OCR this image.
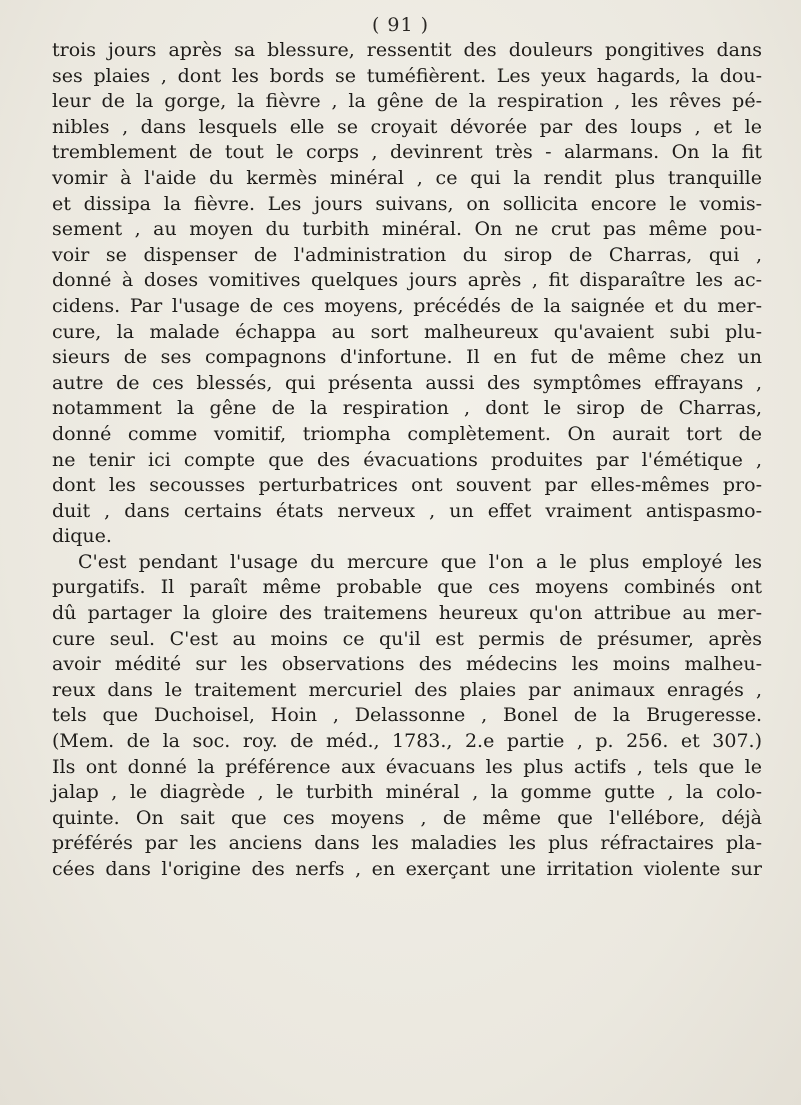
( 91 )

trois jours après sa blessure, ressentit des douleurs pongitives dans
ses plaies , dont les bords se tuméfièrent. Les yeux hagards, la dou-
leur de la gorge, la fièvre , la gêne de la respiration , les rêves pé-
nibles , dans lesquels elle se croyait dévorée par des loups , et le
tremblement de tout le corps , devinrent très - alarmans. On la fit
vomir à l'aide du kermès minéral , ce qui la rendit plus tranquille
et dissipa la fièvre. Les jours suivans, on sollicita encore le vomis-
sement , au moyen du turbith minéral. On ne crut pas même pou-
voir se dispenser de l'administration du sirop de Charras, qui ,
donné à doses vomitives quelques jours après , fit disparaître les ac-
cidens. Par l'usage de ces moyens, précédés de la saignée et du mer-
cure, la malade échappa au sort malheureux qu'avaient subi plu-
sieurs de ses compagnons d'infortune. Il en fut de même chez un
autre de ces blessés, qui présenta aussi des symptômes effrayans ,
notamment la gêne de la respiration , dont le sirop de Charras,
donné comme vomitif, triompha complètement. On aurait tort de
ne tenir ici compte que des évacuations produites par l'émétique ,
dont les secousses perturbatrices ont souvent par elles-mêmes pro-
duit , dans certains états nerveux , un effet vraiment antispasmo-
dique.

C'est pendant l'usage du mercure que l'on a le plus employé les
purgatifs. Il paraît même probable que ces moyens combinés ont
dû partager la gloire des traitemens heureux qu'on attribue au mer-
cure seul. C'est au moins ce qu'il est permis de présumer, après
avoir médité sur les observations des médecins les moins malheu-
reux dans le traitement mercuriel des plaies par animaux enragés ,
tels que Duchoisel, Hoin , Delassonne , Bonel de la Brugeresse.
(Mem. de la soc. roy. de méd., 1783., 2.e partie , p. 256. et 307.)
Ils ont donné la préférence aux évacuans les plus actifs , tels que le
jalap , le diagrède , le turbith minéral , la gomme gutte , la colo-
quinte. On sait que ces moyens , de même que l'ellébore, déjà
préférés par les anciens dans les maladies les plus réfractaires pla-
cées dans l'origine des nerfs , en exerçant une irritation violente sur
